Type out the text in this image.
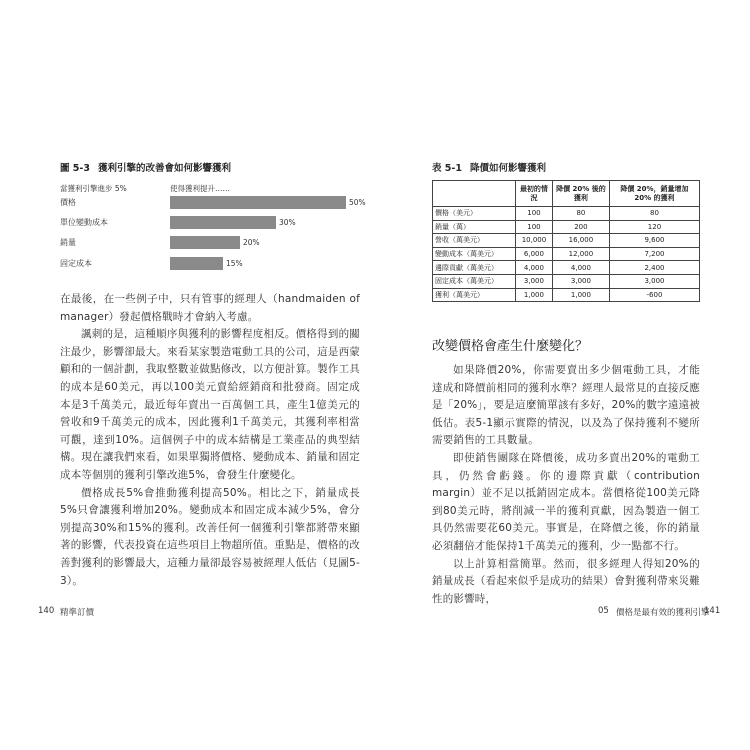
圖 5-3 獲利引擎的改善會如何影響獲利
當獲利引擎進步 5%	使得獲利提升……
價格	50%
單位變動成本	30%
銷量	20%
固定成本	15%

在最後，在一些例子中，只有管事的經理人（handmaiden of manager）發起價格戰時才會納入考慮。

諷刺的是，這種順序與獲利的影響程度相反。價格得到的關注最少，影響卻最大。來看某家製造電動工具的公司，這是西蒙顧和的一個計劃，我取整數並做點修改，以方便計算。製作工具的成本是60美元，再以100美元賣給經銷商和批發商。固定成本是3千萬美元，最近每年賣出一百萬個工具，產生1億美元的營收和9千萬美元的成本，因此獲利1千萬美元，其獲利率相當可觀，達到10%。這個例子中的成本結構是工業產品的典型結構。現在讓我們來看，如果單獨將價格、變動成本、銷量和固定成本等個別的獲利引擎改進5%，會發生什麼變化。

價格成長5%會推動獲利提高50%。相比之下，銷量成長5%只會讓獲利增加20%。變動成本和固定成本減少5%，會分別提高30%和15%的獲利。改善任何一個獲利引擎都將帶來顯著的影響，代表投資在這些項目上物超所值。重點是，價格的改善對獲利的影響最大，這種力量卻最容易被經理人低估（見圖5-3）。

140 精準訂價
表 5-1 降價如何影響獲利
	最初的情況	降價 20% 後的獲利	降價 20%，銷量增加 20% 的獲利
價格（美元）	100	80	80
銷量（萬）	100	200	120
營收（萬美元）	10,000	16,000	9,600
變動成本（萬美元）	6,000	12,000	7,200
邊際貢獻（萬美元）	4,000	4,000	2,400
固定成本（萬美元）	3,000	3,000	3,000
獲利（萬美元）	1,000	1,000	-600
改變價格會產生什麼變化？

如果降價20%，你需要賣出多少個電動工具，才能達成和降價前相同的獲利水準？經理人最常見的直接反應是「20%」，要是這麼簡單該有多好，20%的數字遠遠被低估。表5-1顯示實際的情況，以及為了保持獲利不變所需要銷售的工具數量。

即使銷售團隊在降價後，成功多賣出20%的電動工具，仍然會虧錢。你的邊際貢獻（contribution margin）並不足以抵銷固定成本。當價格從100美元降到80美元時，將削減一半的獲利貢獻，因為製造一個工具仍然需要花60美元。事實是，在降價之後，你的銷量必須翻倍才能保持1千萬美元的獲利，少一點都不行。

以上計算相當簡單。然而，很多經理人得知20%的銷量成長（看起來似乎是成功的結果）會對獲利帶來災難性的影響時，

05 價格是最有效的獲利引擎
141
